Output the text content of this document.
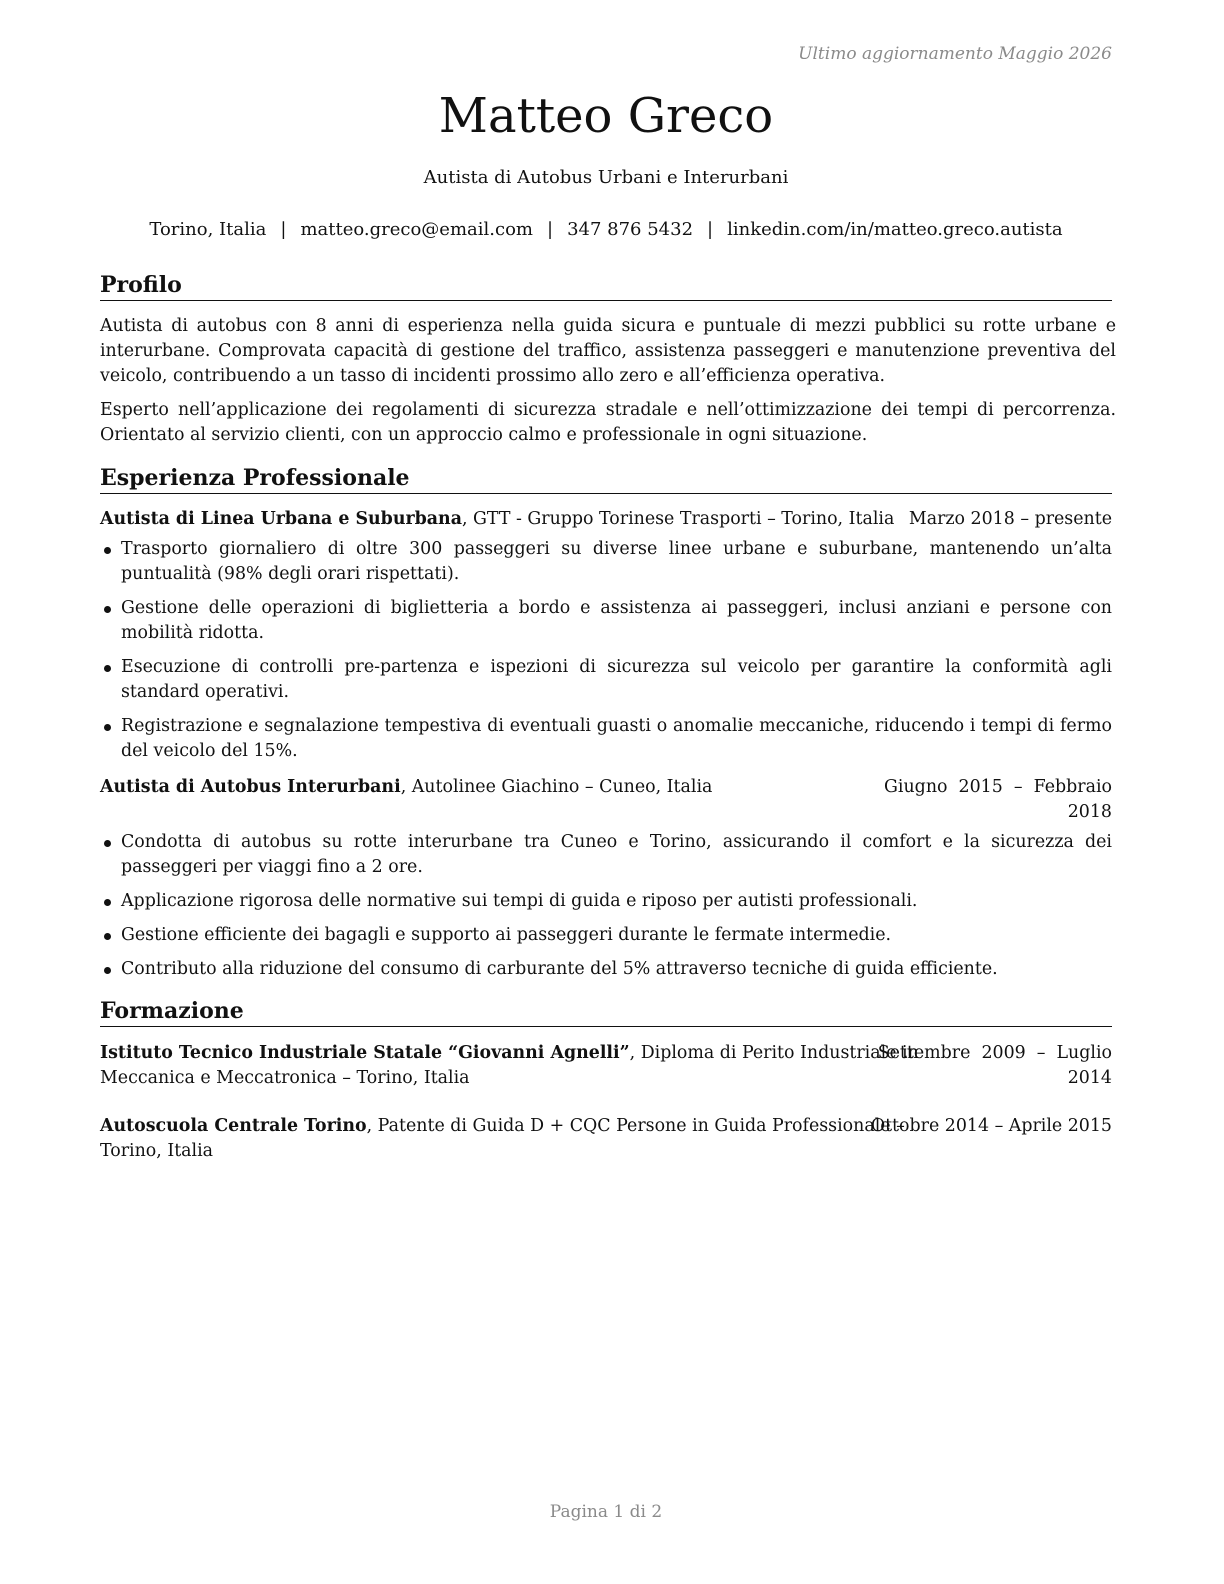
Ultimo aggiornamento Maggio 2026
Matteo Greco
Autista di Autobus Urbani e Interurbani
Torino, Italia | matteo.greco@email.com | 347 876 5432 | linkedin.com/in/matteo.greco.autista
Profilo
Autista di autobus con 8 anni di esperienza nella guida sicura e puntuale di mezzi pubblici su rotte urbane e interurbane. Comprovata capacità di gestione del traffico, assistenza passeggeri e manutenzione preventiva del veicolo, contribuendo a un tasso di incidenti prossimo allo zero e all’efficienza operativa.
Esperto nell’applicazione dei regolamenti di sicurezza stradale e nell’ottimizzazione dei tempi di percorrenza. Orientato al servizio clienti, con un approccio calmo e professionale in ogni situazione.
Esperienza Professionale
Autista di Linea Urbana e Suburbana, GTT - Gruppo Torinese Trasporti – Torino, Italia Marzo 2018 – presente
Trasporto giornaliero di oltre 300 passeggeri su diverse linee urbane e suburbane, mantenendo un’alta puntualità (98% degli orari rispettati).
Gestione delle operazioni di biglietteria a bordo e assistenza ai passeggeri, inclusi anziani e persone con mobilità ridotta.
Esecuzione di controlli pre-partenza e ispezioni di sicurezza sul veicolo per garantire la conformità agli standard operativi.
Registrazione e segnalazione tempestiva di eventuali guasti o anomalie meccaniche, riducendo i tempi di fermo del veicolo del 15%.
Autista di Autobus Interurbani, Autolinee Giachino – Cuneo, Italia	Giugno  2015  –  Febbraio
2018
Condotta di autobus su rotte interurbane tra Cuneo e Torino, assicurando il comfort e la sicurezza dei passeggeri per viaggi fino a 2 ore.
Applicazione rigorosa delle normative sui tempi di guida e riposo per autisti professionali.
Gestione efficiente dei bagagli e supporto ai passeggeri durante le fermate intermedie.
Contributo alla riduzione del consumo di carburante del 5% attraverso tecniche di guida efficiente.
Formazione
Istituto Tecnico Industriale Statale “Giovanni Agnelli”, Diploma di Perito Industriale in
Meccanica e Meccatronica – Torino, Italia
Settembre  2009  –  Luglio
2014
Autoscuola Centrale Torino, Patente di Guida D + CQC Persone in Guida Professionale –
Torino, Italia
Ottobre 2014 – Aprile 2015
Pagina 1 di 2
